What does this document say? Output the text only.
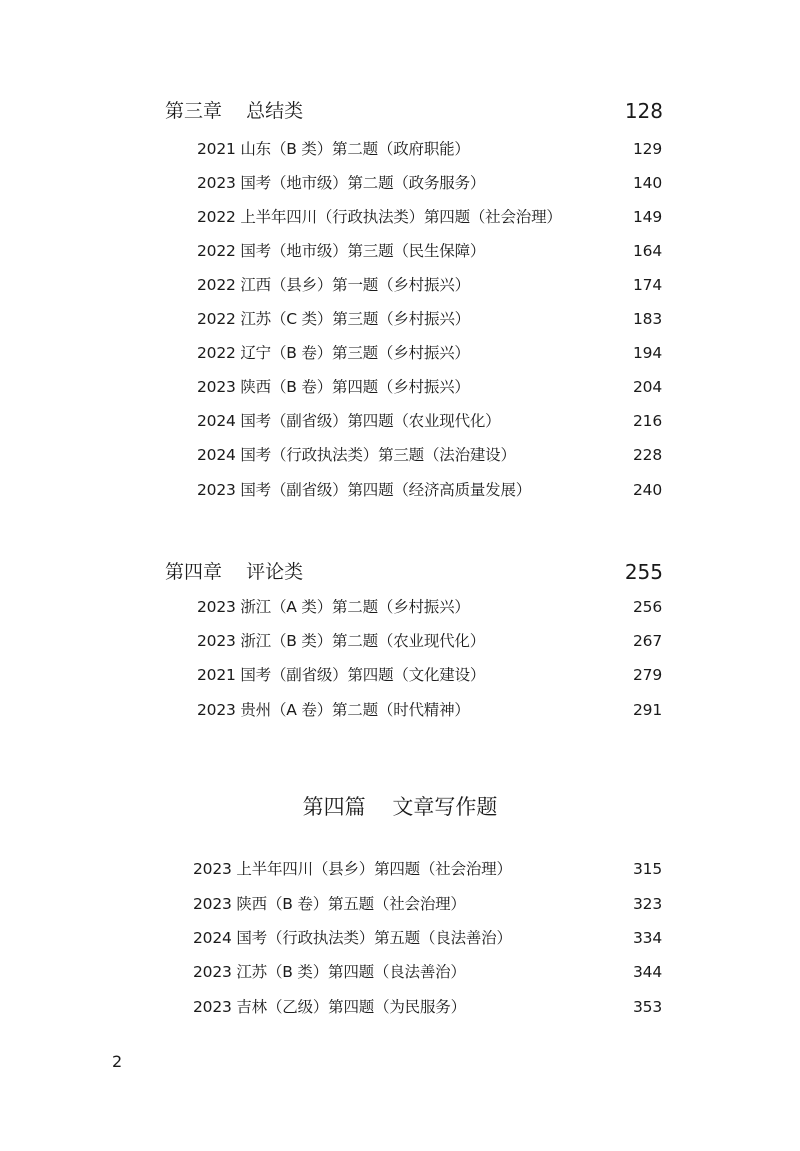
第三章    总结类	128
2021 山东（B 类）第二题（政府职能）	129
2023 国考（地市级）第二题（政务服务）	140
2022 上半年四川（行政执法类）第四题（社会治理）	149
2022 国考（地市级）第三题（民生保障）	164
2022 江西（县乡）第一题（乡村振兴）	174
2022 江苏（C 类）第三题（乡村振兴）	183
2022 辽宁（B 卷）第三题（乡村振兴）	194
2023 陕西（B 卷）第四题（乡村振兴）	204
2024 国考（副省级）第四题（农业现代化）	216
2024 国考（行政执法类）第三题（法治建设）	228
2023 国考（副省级）第四题（经济高质量发展）	240
第四章    评论类	255
2023 浙江（A 类）第二题（乡村振兴）	256
2023 浙江（B 类）第二题（农业现代化）	267
2021 国考（副省级）第四题（文化建设）	279
2023 贵州（A 卷）第二题（时代精神）	291
第四篇    文章写作题
2023 上半年四川（县乡）第四题（社会治理）	315
2023 陕西（B 卷）第五题（社会治理）	323
2024 国考（行政执法类）第五题（良法善治）	334
2023 江苏（B 类）第四题（良法善治）	344
2023 吉林（乙级）第四题（为民服务）	353
2
